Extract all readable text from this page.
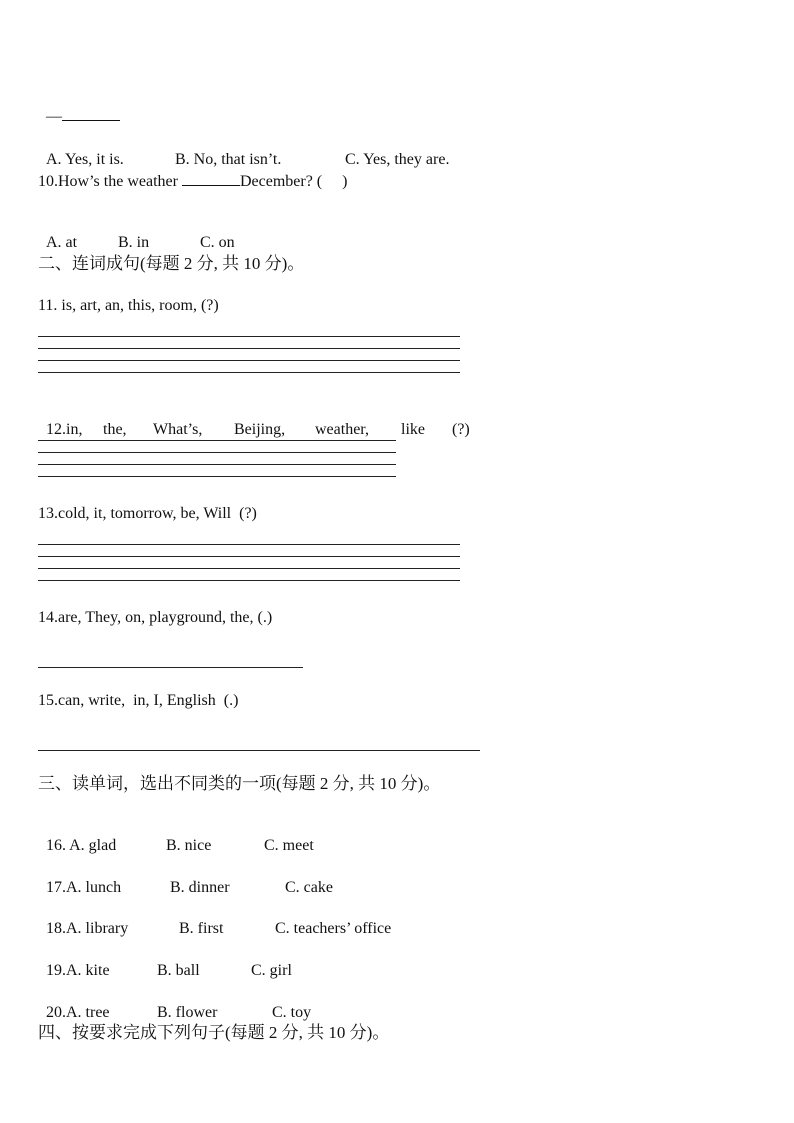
—

A. Yes, it is.	B. No, that isn’t.	C. Yes, they are.

10.How’s the weather	December? (     )

A. at	B. in	C. on

二、连词成句(每题 2 分, 共 10 分)。
11. is, art, an, this, room, (?)

12.in, the, What’s, Beijing, weather, like (?)

13.cold, it, tomorrow, be, Will  (?)
14.are, They, on, playground, the, (.)
15.can, write,  in, I, English  (.)
三、读单词，选出不同类的一项(每题 2 分, 共 10 分)。

16. A. glad	B. nice	C. meet

17.A. lunch	B. dinner	C. cake

18.A. library	B. first	C. teachers’ office

19.A. kite	B. ball	C. girl

20.A. tree	B. flower	C. toy

四、按要求完成下列句子(每题 2 分, 共 10 分)。
